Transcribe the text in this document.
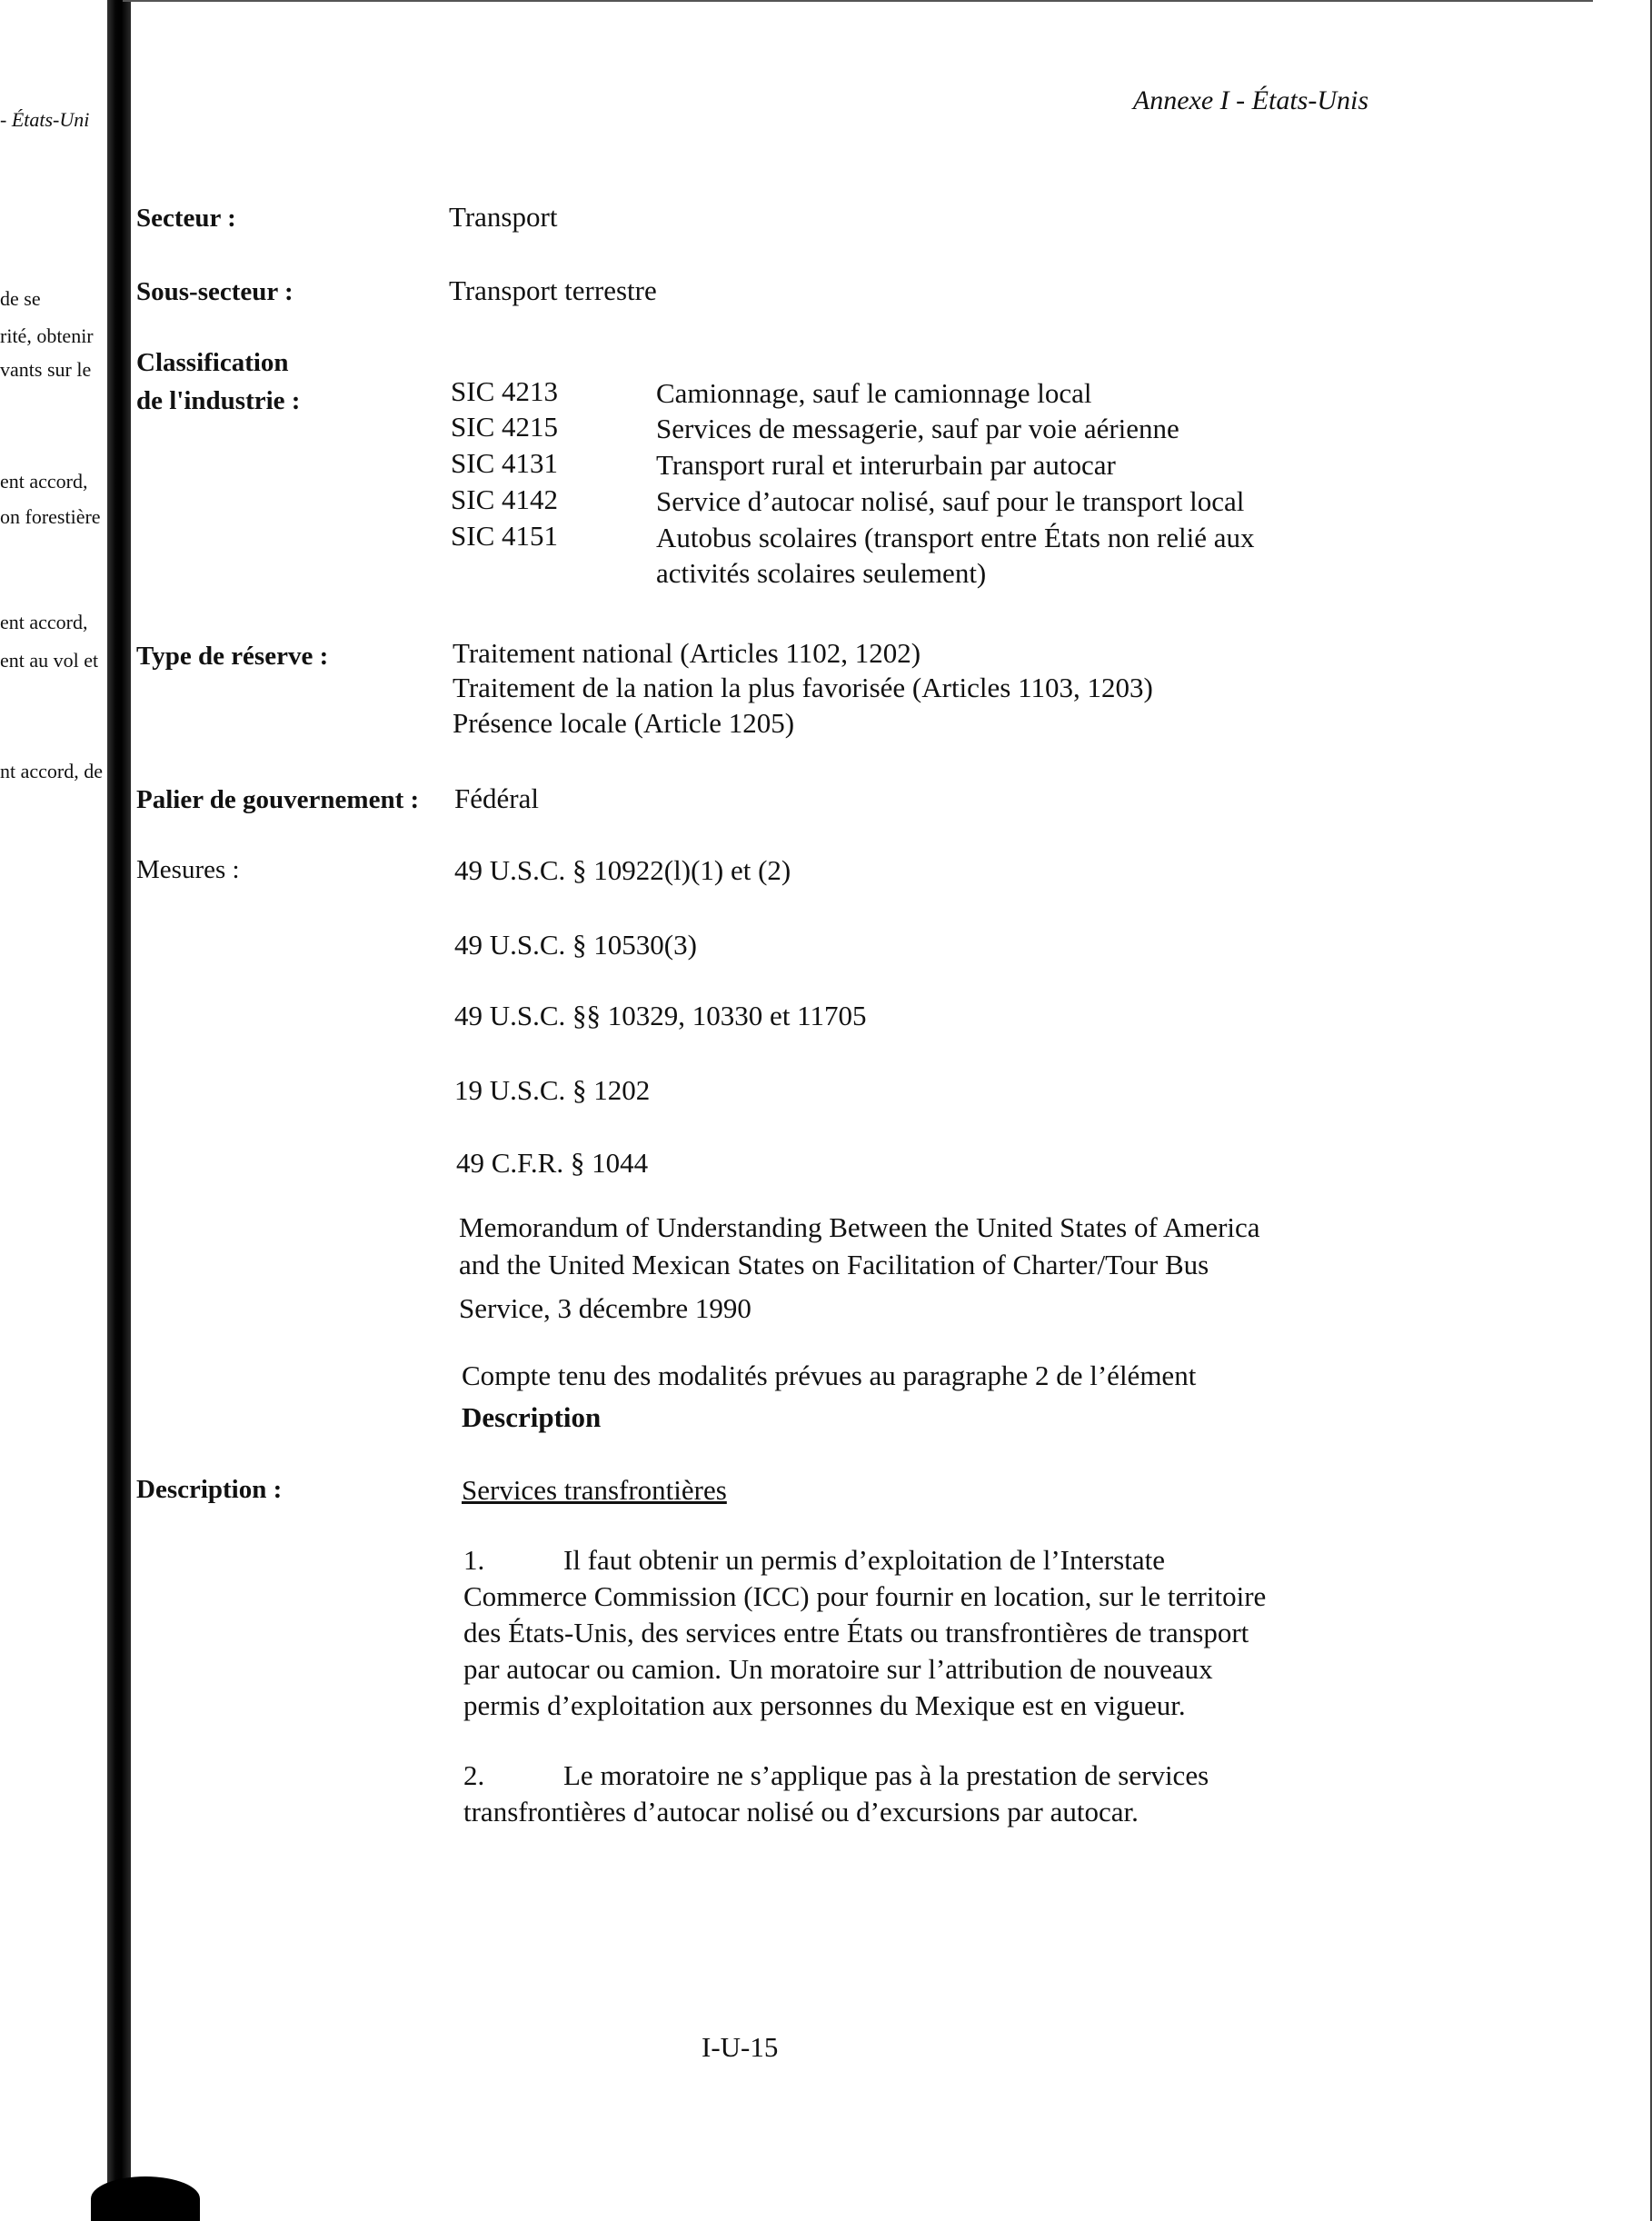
- États-Uni
de se
rité, obtenir
vants sur le
ent accord,
on forestière
ent accord,
ent au vol et
nt accord, de
Annexe I - États-Unis
Secteur :	Transport
Sous-secteur :	Transport terrestre
Classification
de l'industrie :	SIC 4213	Camionnage, sauf le camionnage local
SIC 4215	Services de messagerie, sauf par voie aérienne
SIC 4131	Transport rural et interurbain par autocar
SIC 4142	Service d’autocar nolisé, sauf pour le transport local
SIC 4151	Autobus scolaires (transport entre États non relié aux
activités scolaires seulement)
Type de réserve :	Traitement national (Articles 1102, 1202)
Traitement de la nation la plus favorisée (Articles 1103, 1203)
Présence locale (Article 1205)
Palier de gouvernement : Fédéral
Mesures :	49 U.S.C. § 10922(l)(1) et (2)
49 U.S.C. § 10530(3)
49 U.S.C. §§ 10329, 10330 et 11705
19 U.S.C. § 1202
49 C.F.R. § 1044
Memorandum of Understanding Between the United States of America
and the United Mexican States on Facilitation of Charter/Tour Bus
Service, 3 décembre 1990
Compte tenu des modalités prévues au paragraphe 2 de l’élément
Description
Description :	Services transfrontières
1.	Il faut obtenir un permis d’exploitation de l’Interstate
Commerce Commission (ICC) pour fournir en location, sur le territoire
des États-Unis, des services entre États ou transfrontières de transport
par autocar ou camion. Un moratoire sur l’attribution de nouveaux
permis d’exploitation aux personnes du Mexique est en vigueur.
2.	Le moratoire ne s’applique pas à la prestation de services
transfrontières d’autocar nolisé ou d’excursions par autocar.
I-U-15
